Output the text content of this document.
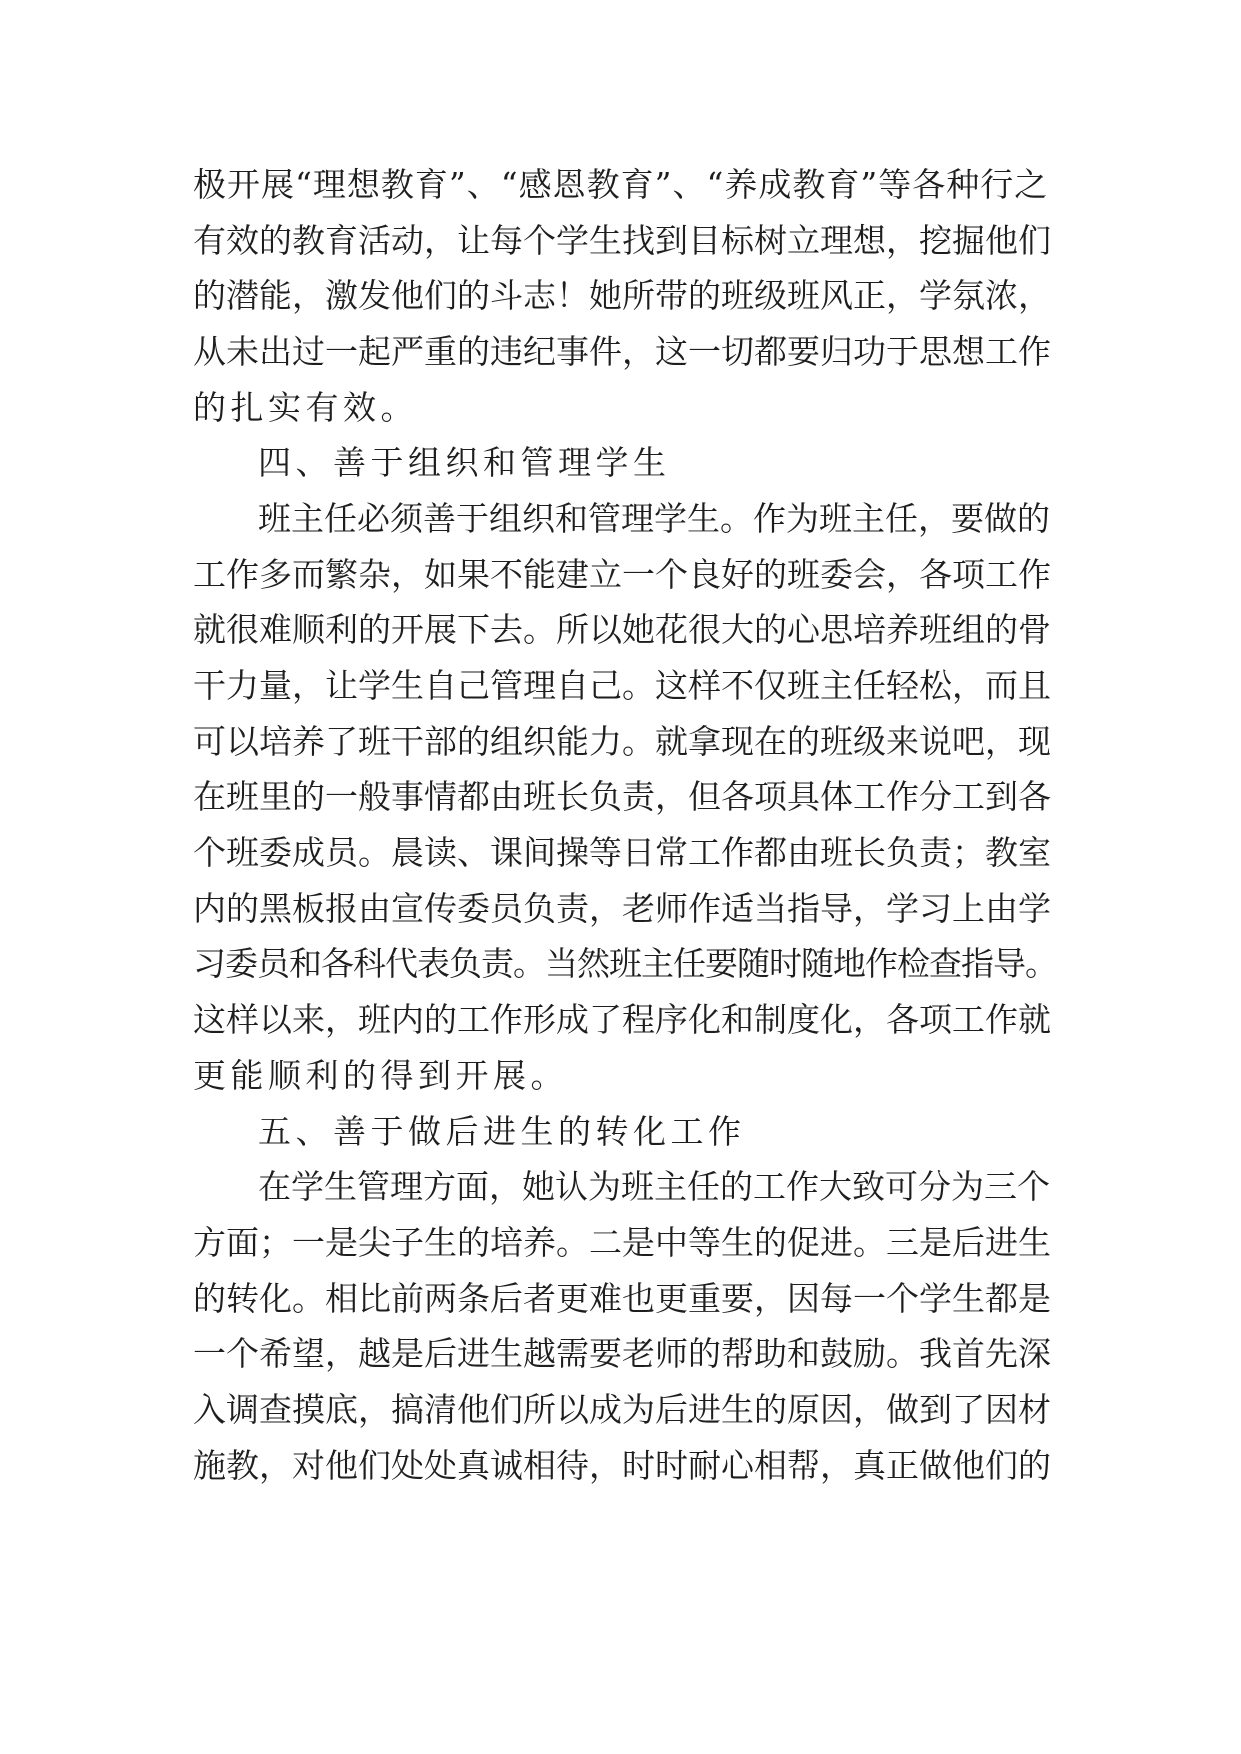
极开展“理想教育”、“感恩教育”、“养成教育”等各种行之
有效的教育活动，让每个学生找到目标树立理想，挖掘他们
的潜能，激发他们的斗志！她所带的班级班风正，学氛浓，
从未出过一起严重的违纪事件，这一切都要归功于思想工作
的扎实有效。
四、善于组织和管理学生
班主任必须善于组织和管理学生。作为班主任，要做的
工作多而繁杂，如果不能建立一个良好的班委会，各项工作
就很难顺利的开展下去。所以她花很大的心思培养班组的骨
干力量，让学生自己管理自己。这样不仅班主任轻松，而且
可以培养了班干部的组织能力。就拿现在的班级来说吧，现
在班里的一般事情都由班长负责，但各项具体工作分工到各
个班委成员。晨读、课间操等日常工作都由班长负责；教室
内的黑板报由宣传委员负责，老师作适当指导，学习上由学
习委员和各科代表负责。当然班主任要随时随地作检查指导。
这样以来，班内的工作形成了程序化和制度化，各项工作就
更能顺利的得到开展。
五、善于做后进生的转化工作
在学生管理方面，她认为班主任的工作大致可分为三个
方面；一是尖子生的培养。二是中等生的促进。三是后进生
的转化。相比前两条后者更难也更重要，因每一个学生都是
一个希望，越是后进生越需要老师的帮助和鼓励。我首先深
入调查摸底，搞清他们所以成为后进生的原因，做到了因材
施教，对他们处处真诚相待，时时耐心相帮，真正做他们的
